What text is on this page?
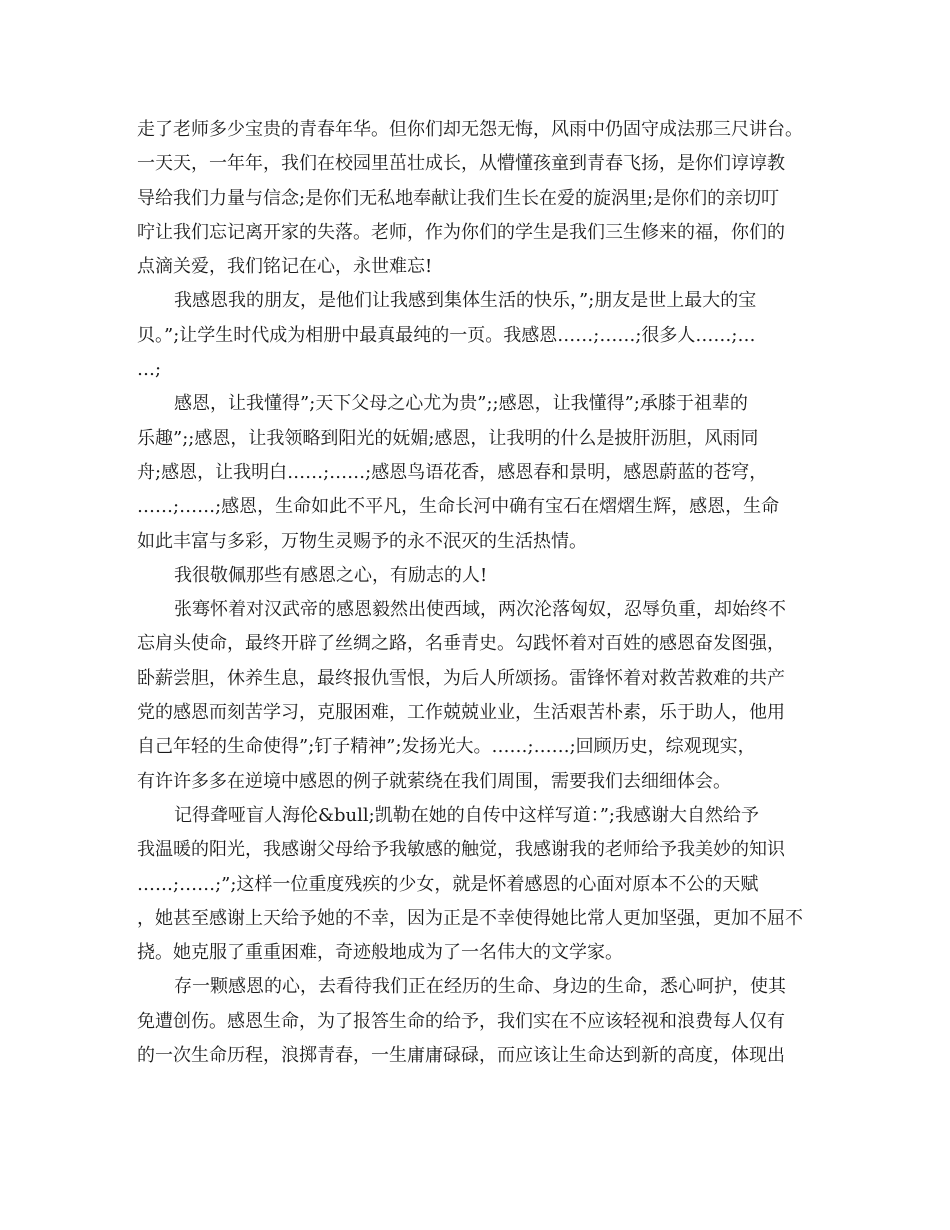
走了老师多少宝贵的青春年华。但你们却无怨无悔，风雨中仍固守成法那三尺讲台。
一天天，一年年，我们在校园里茁壮成长，从懵懂孩童到青春飞扬，是你们谆谆教
导给我们力量与信念;是你们无私地奉献让我们生长在爱的旋涡里;是你们的亲切叮
咛让我们忘记离开家的失落。老师，作为你们的学生是我们三生修来的福，你们的
点滴关爱，我们铭记在心，永世难忘!
我感恩我的朋友，是他们让我感到集体生活的快乐，”;朋友是世上最大的宝
贝。”;让学生时代成为相册中最真最纯的一页。我感恩……;……;很多人……;…
…;
感恩，让我懂得”;天下父母之心尤为贵”;;感恩，让我懂得”;承膝于祖辈的
乐趣”;;感恩，让我领略到阳光的妩媚;感恩，让我明的什么是披肝沥胆，风雨同
舟;感恩，让我明白……;……;感恩鸟语花香，感恩春和景明，感恩蔚蓝的苍穹，
……;……;感恩，生命如此不平凡，生命长河中确有宝石在熠熠生辉，感恩，生命
如此丰富与多彩，万物生灵赐予的永不泯灭的生活热情。
我很敬佩那些有感恩之心，有励志的人!
张骞怀着对汉武帝的感恩毅然出使西域，两次沦落匈奴，忍辱负重，却始终不
忘肩头使命，最终开辟了丝绸之路，名垂青史。勾践怀着对百姓的感恩奋发图强，
卧薪尝胆，休养生息，最终报仇雪恨，为后人所颂扬。雷锋怀着对救苦救难的共产
党的感恩而刻苦学习，克服困难，工作兢兢业业，生活艰苦朴素，乐于助人，他用
自己年轻的生命使得”;钉子精神”;发扬光大。……;……;回顾历史，综观现实，
有许许多多在逆境中感恩的例子就萦绕在我们周围，需要我们去细细体会。
记得聋哑盲人海伦&bull;凯勒在她的自传中这样写道：”;我感谢大自然给予
我温暖的阳光，我感谢父母给予我敏感的触觉，我感谢我的老师给予我美妙的知识
……;……;”;这样一位重度残疾的少女，就是怀着感恩的心面对原本不公的天赋
，她甚至感谢上天给予她的不幸，因为正是不幸使得她比常人更加坚强，更加不屈不
挠。她克服了重重困难，奇迹般地成为了一名伟大的文学家。
存一颗感恩的心，去看待我们正在经历的生命、身边的生命，悉心呵护，使其
免遭创伤。感恩生命，为了报答生命的给予，我们实在不应该轻视和浪费每人仅有
的一次生命历程，浪掷青春，一生庸庸碌碌，而应该让生命达到新的高度，体现出
